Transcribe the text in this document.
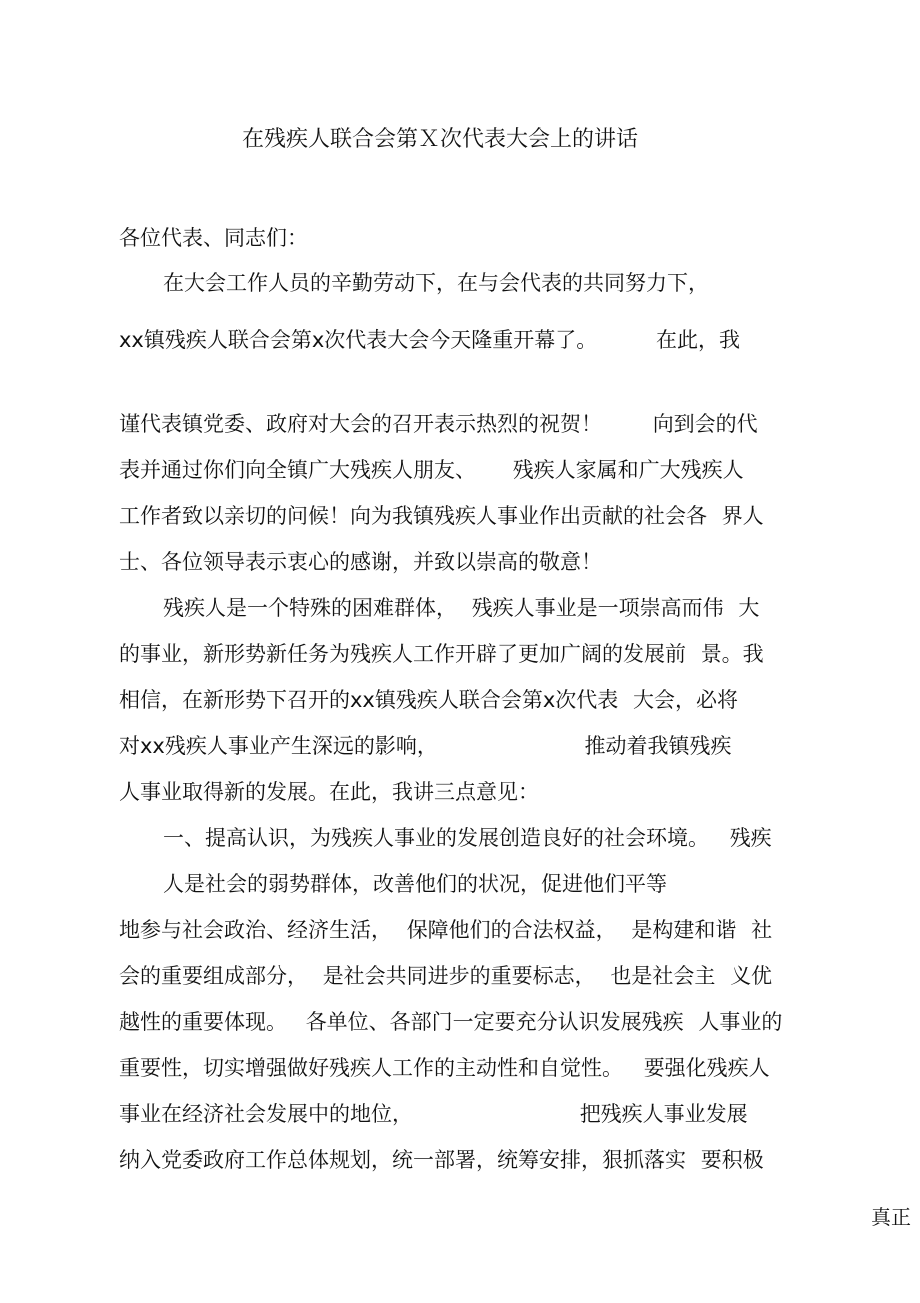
在残疾人联合会第Ｘ次代表大会上的讲话
各位代表、同志们：
在大会工作人员的辛勤劳动下，在与会代表的共同努力下，
xx镇残疾人联合会第x次代表大会今天隆重开幕了。	在此，我
谨代表镇党委、政府对大会的召开表示热烈的祝贺！ 向到会的代
表并通过你们向全镇广大残疾人朋友、 残疾人家属和广大残疾人
工作者致以亲切的问候！向为我镇残疾人事业作出贡献的社会各 界人
士、各位领导表示衷心的感谢，并致以崇高的敬意！
残疾人是一个特殊的困难群体， 残疾人事业是一项崇高而伟 大
的事业，新形势新任务为残疾人工作开辟了更加广阔的发展前 景。我
相信，在新形势下召开的xx镇残疾人联合会第x次代表 大会，必将
对xx残疾人事业产生深远的影响，	推动着我镇残疾
人事业取得新的发展。在此，我讲三点意见：
一、提高认识，为残疾人事业的发展创造良好的社会环境。 残疾
人是社会的弱势群体，改善他们的状况，促进他们平等
地参与社会政治、经济生活， 保障他们的合法权益， 是构建和谐 社
会的重要组成部分， 是社会共同进步的重要标志， 也是社会主 义优
越性的重要体现。 各单位、各部门一定要充分认识发展残疾 人事业的
重要性，切实增强做好残疾人工作的主动性和自觉性。 要强化残疾人
事业在经济社会发展中的地位，	把残疾人事业发展
纳入党委政府工作总体规划，统一部署，统筹安排，狠抓落实 要积极
真正
